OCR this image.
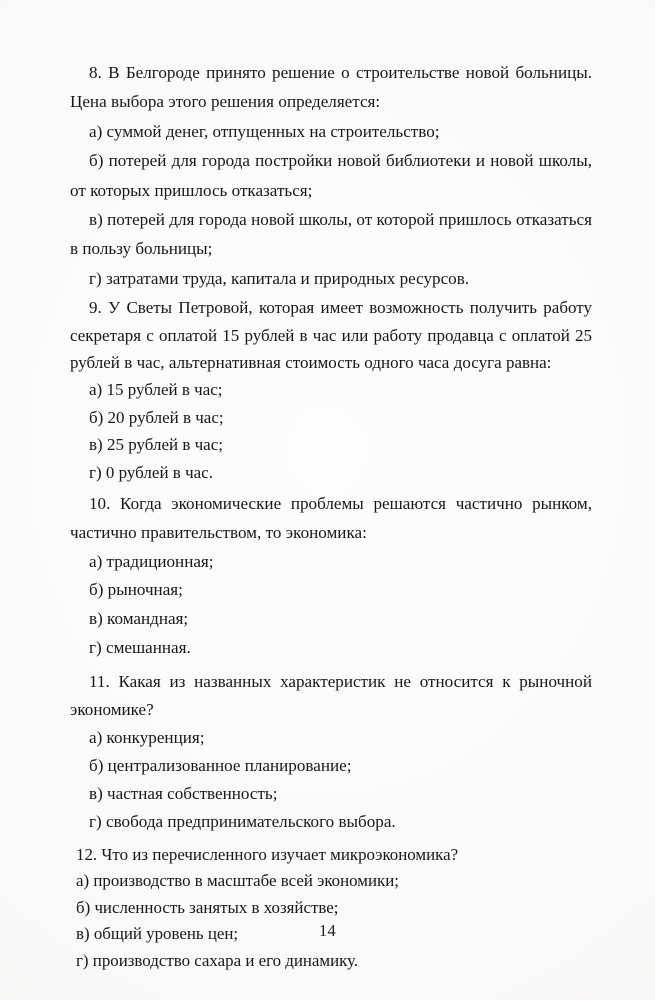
8. В Белгороде принято решение о строительстве новой больницы. Цена выбора этого решения определяется:

а) суммой денег, отпущенных на строительство;

б) потерей для города постройки новой библиотеки и новой школы, от которых пришлось отказаться;

в) потерей для города новой школы, от которой пришлось отказаться в пользу больницы;

г) затратами труда, капитала и природных ресурсов.

9. У Светы Петровой, которая имеет возможность получить работу секретаря с оплатой 15 рублей в час или работу продавца с оплатой 25 рублей в час, альтернативная стоимость одного часа досуга равна:

а) 15 рублей в час;

б) 20 рублей в час;

в) 25 рублей в час;

г) 0 рублей в час.

10. Когда экономические проблемы решаются частично рынком, частично правительством, то экономика:

а) традиционная;

б) рыночная;

в) командная;

г) смешанная.

11. Какая из названных характеристик не относится к рыночной экономике?

а) конкуренция;

б) централизованное планирование;

в) частная собственность;

г) свобода предпринимательского выбора.

12. Что из перечисленного изучает микроэкономика?

а) производство в масштабе всей экономики;

б) численность занятых в хозяйстве;

в) общий уровень цен;

г) производство сахара и его динамику.

14
